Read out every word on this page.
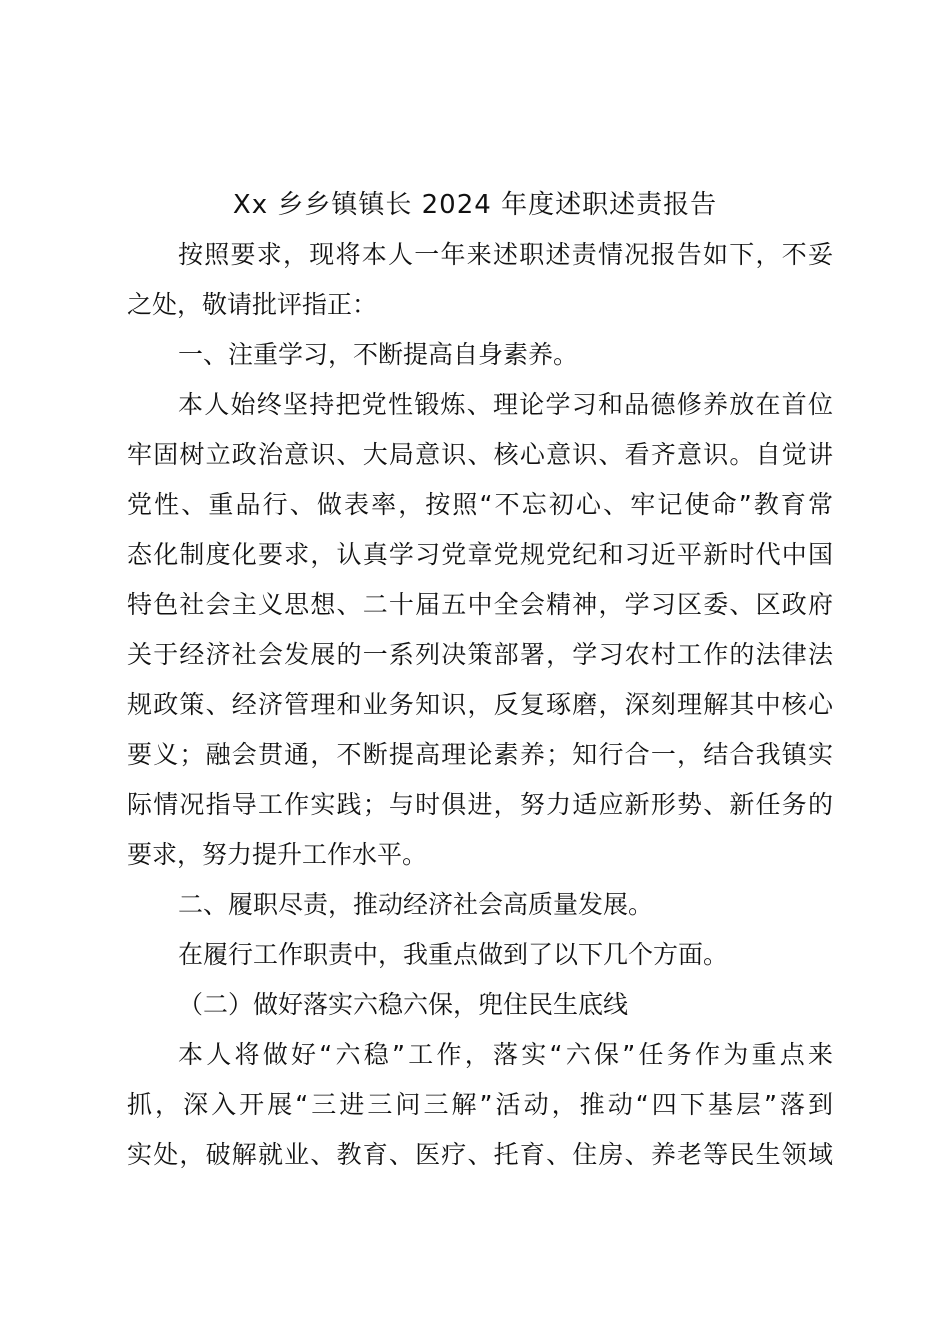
Xx 乡乡镇镇长 2024 年度述职述责报告
按照要求，现将本人一年来述职述责情况报告如下，不妥
之处，敬请批评指正：
一、注重学习，不断提高自身素养。
本人始终坚持把党性锻炼、理论学习和品德修养放在首位
牢固树立政治意识、大局意识、核心意识、看齐意识。自觉讲
党性、重品行、做表率，按照“不忘初心、牢记使命”教育常
态化制度化要求，认真学习党章党规党纪和习近平新时代中国
特色社会主义思想、二十届五中全会精神，学习区委、区政府
关于经济社会发展的一系列决策部署，学习农村工作的法律法
规政策、经济管理和业务知识，反复琢磨，深刻理解其中核心
要义；融会贯通，不断提高理论素养；知行合一，结合我镇实
际情况指导工作实践；与时俱进，努力适应新形势、新任务的
要求，努力提升工作水平。
二、履职尽责，推动经济社会高质量发展。
在履行工作职责中，我重点做到了以下几个方面。
（二）做好落实六稳六保，兜住民生底线
本人将做好“六稳”工作，落实“六保”任务作为重点来
抓，深入开展“三进三问三解”活动，推动“四下基层”落到
实处，破解就业、教育、医疗、托育、住房、养老等民生领域
